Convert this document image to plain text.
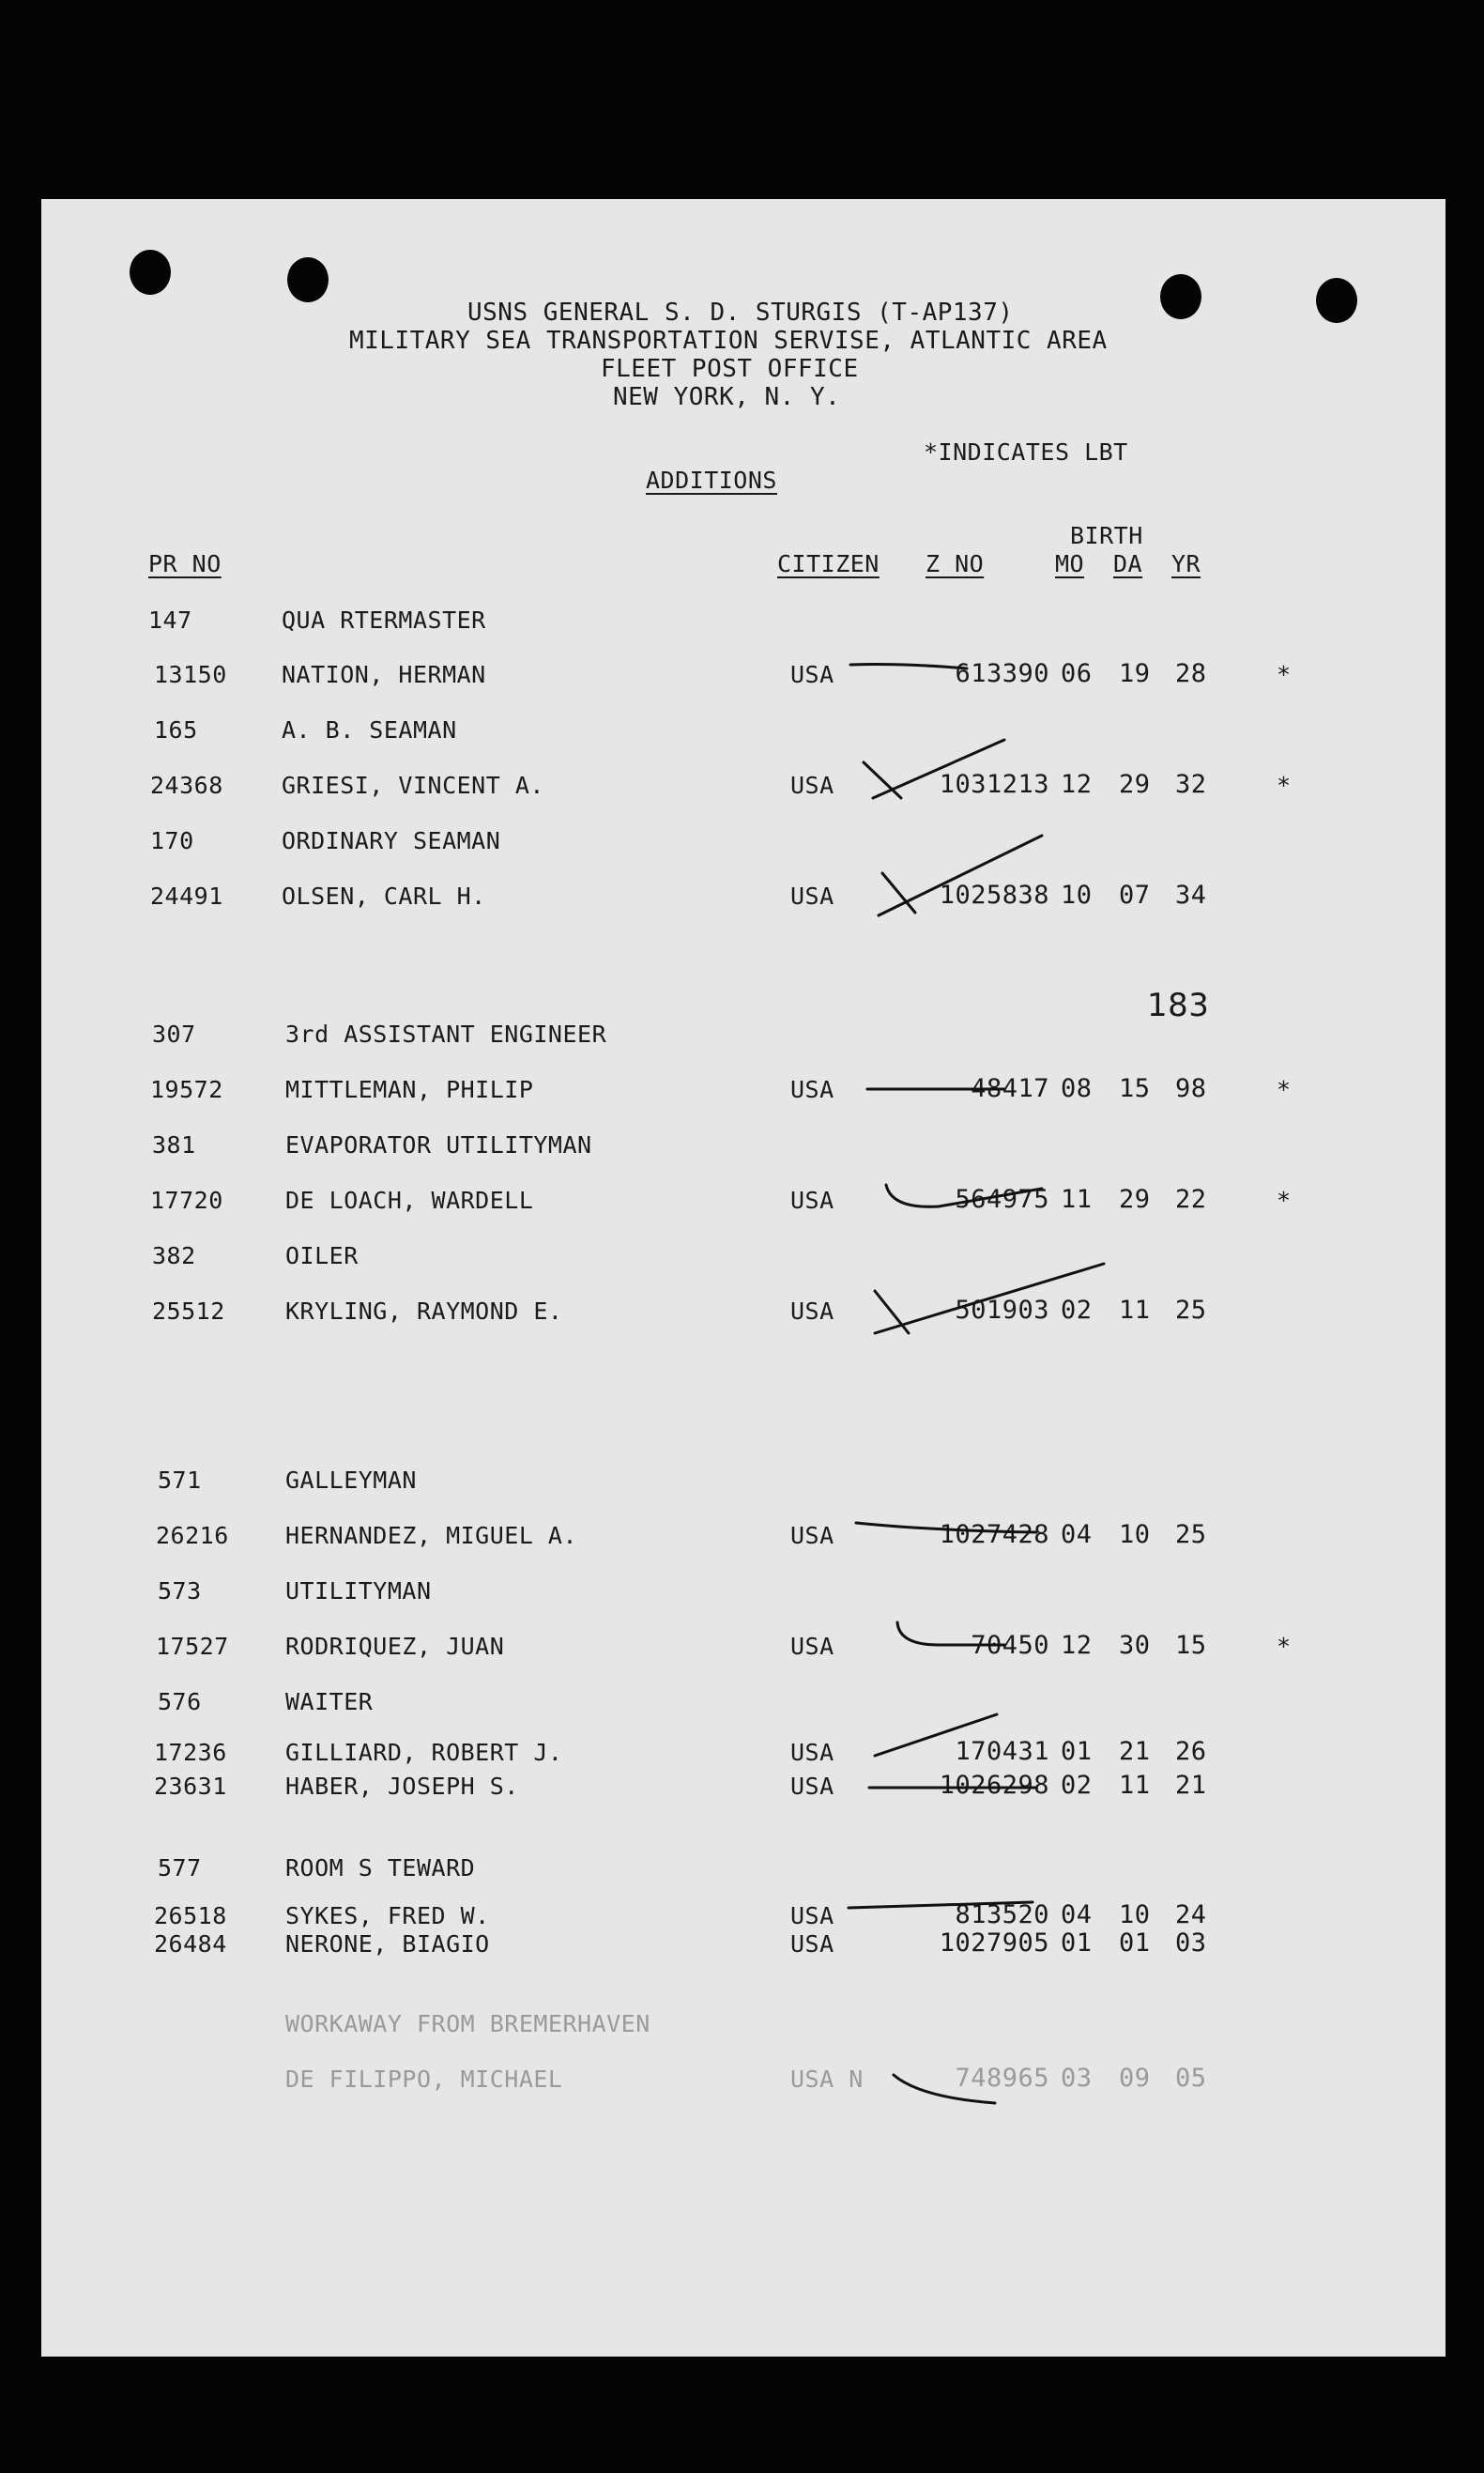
USNS GENERAL S. D. STURGIS (T-AP137)
MILITARY SEA TRANSPORTATION SERVISE, ATLANTIC AREA
FLEET POST OFFICE
NEW YORK, N. Y.
*INDICATES LBT
ADDITIONS
BIRTH
PR NO	CITIZEN Z NO	MO DA YR
183
147	QUA RTERMASTER
13150 NATION, HERMAN	USA	613390 06 19 28	*
165	A. B. SEAMAN
24368 GRIESI, VINCENT A.	USA	1031213 12 29 32	*
170	ORDINARY SEAMAN
24491 OLSEN, CARL H.	USA	1025838 10 07 34
307	3rd ASSISTANT ENGINEER
19572	MITTLEMAN, PHILIP	USA	48417 08 15 98	*
381	EVAPORATOR UTILITYMAN
17720	DE LOACH, WARDELL	USA	564975 11 29 22	*
382	OILER
25512	KRYLING, RAYMOND E.	USA	501903 02 11 25
571	GALLEYMAN
26216 HERNANDEZ, MIGUEL A.	USA	1027428 04 10 25
573	UTILITYMAN
17527 RODRIQUEZ, JUAN	USA	70450 12 30 15	*
576	WAITER
17236 GILLIARD, ROBERT J.	USA	170431 01 21 26
23631 HABER, JOSEPH S.	USA	1026298 02 11 21
577	ROOM S TEWARD
26518 SYKES, FRED W.	USA	813520 04 10 24
26484 NERONE, BIAGIO	USA	1027905 01 01 03
WORKAWAY FROM BREMERHAVEN
DE FILIPPO, MICHAEL	USA N	748965 03 09 05
